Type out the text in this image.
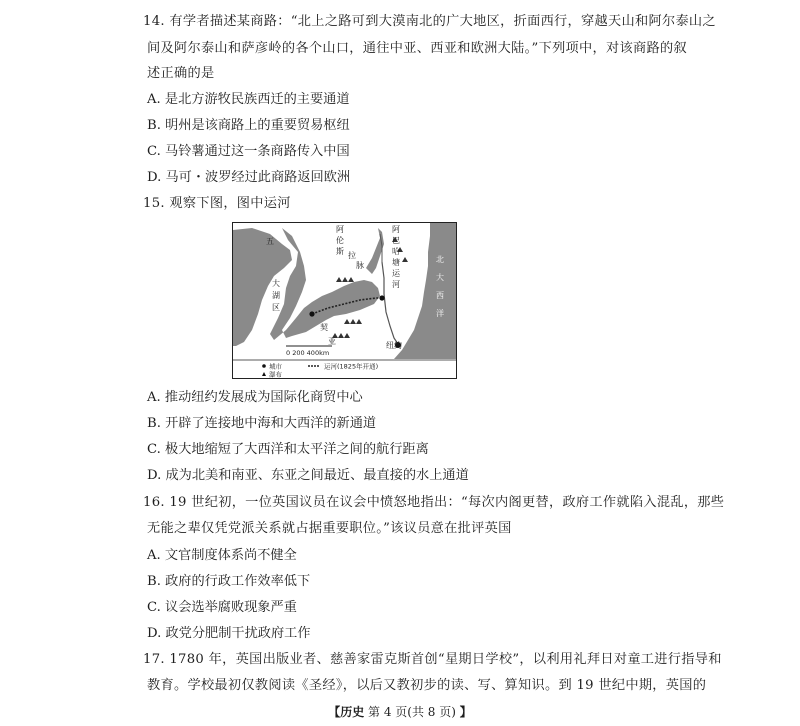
14. 有学者描述某商路：“北上之路可到大漠南北的广大地区，折面西行，穿越天山和阿尔泰山之
间及阿尔泰山和萨彦岭的各个山口，通往中亚、西亚和欧洲大陆。”下列项中，对该商路的叙
述正确的是
A. 是北方游牧民族西迁的主要通道
B. 明州是该商路上的重要贸易枢纽
C. 马铃薯通过这一条商路传入中国
D. 马可・波罗经过此商路返回欧洲
15. 观察下图，图中运河
五
大
湖
区
阿
伦
斯
阿
巴
哈
塘
运
河
脉
拉
契
亚	纽约
北
大
西
洋
0 200 400km
城市
瀑布
运河(1825年开通)
A. 推动纽约发展成为国际化商贸中心
B. 开辟了连接地中海和大西洋的新通道
C. 极大地缩短了大西洋和太平洋之间的航行距离
D. 成为北美和南亚、东亚之间最近、最直接的水上通道
16. 19 世纪初，一位英国议员在议会中愤怒地指出：“每次内阁更替，政府工作就陷入混乱，那些
无能之辈仅凭党派关系就占据重要职位。”该议员意在批评英国
A. 文官制度体系尚不健全
B. 政府的行政工作效率低下
C. 议会选举腐败现象严重
D. 政党分肥制干扰政府工作
17. 1780 年，英国出版业者、慈善家雷克斯首创“星期日学校”，以利用礼拜日对童工进行指导和
教育。学校最初仅教阅读《圣经》，以后又教初步的读、写、算知识。到 19 世纪中期，英国的
【历史 第 4 页(共 8 页) 】
